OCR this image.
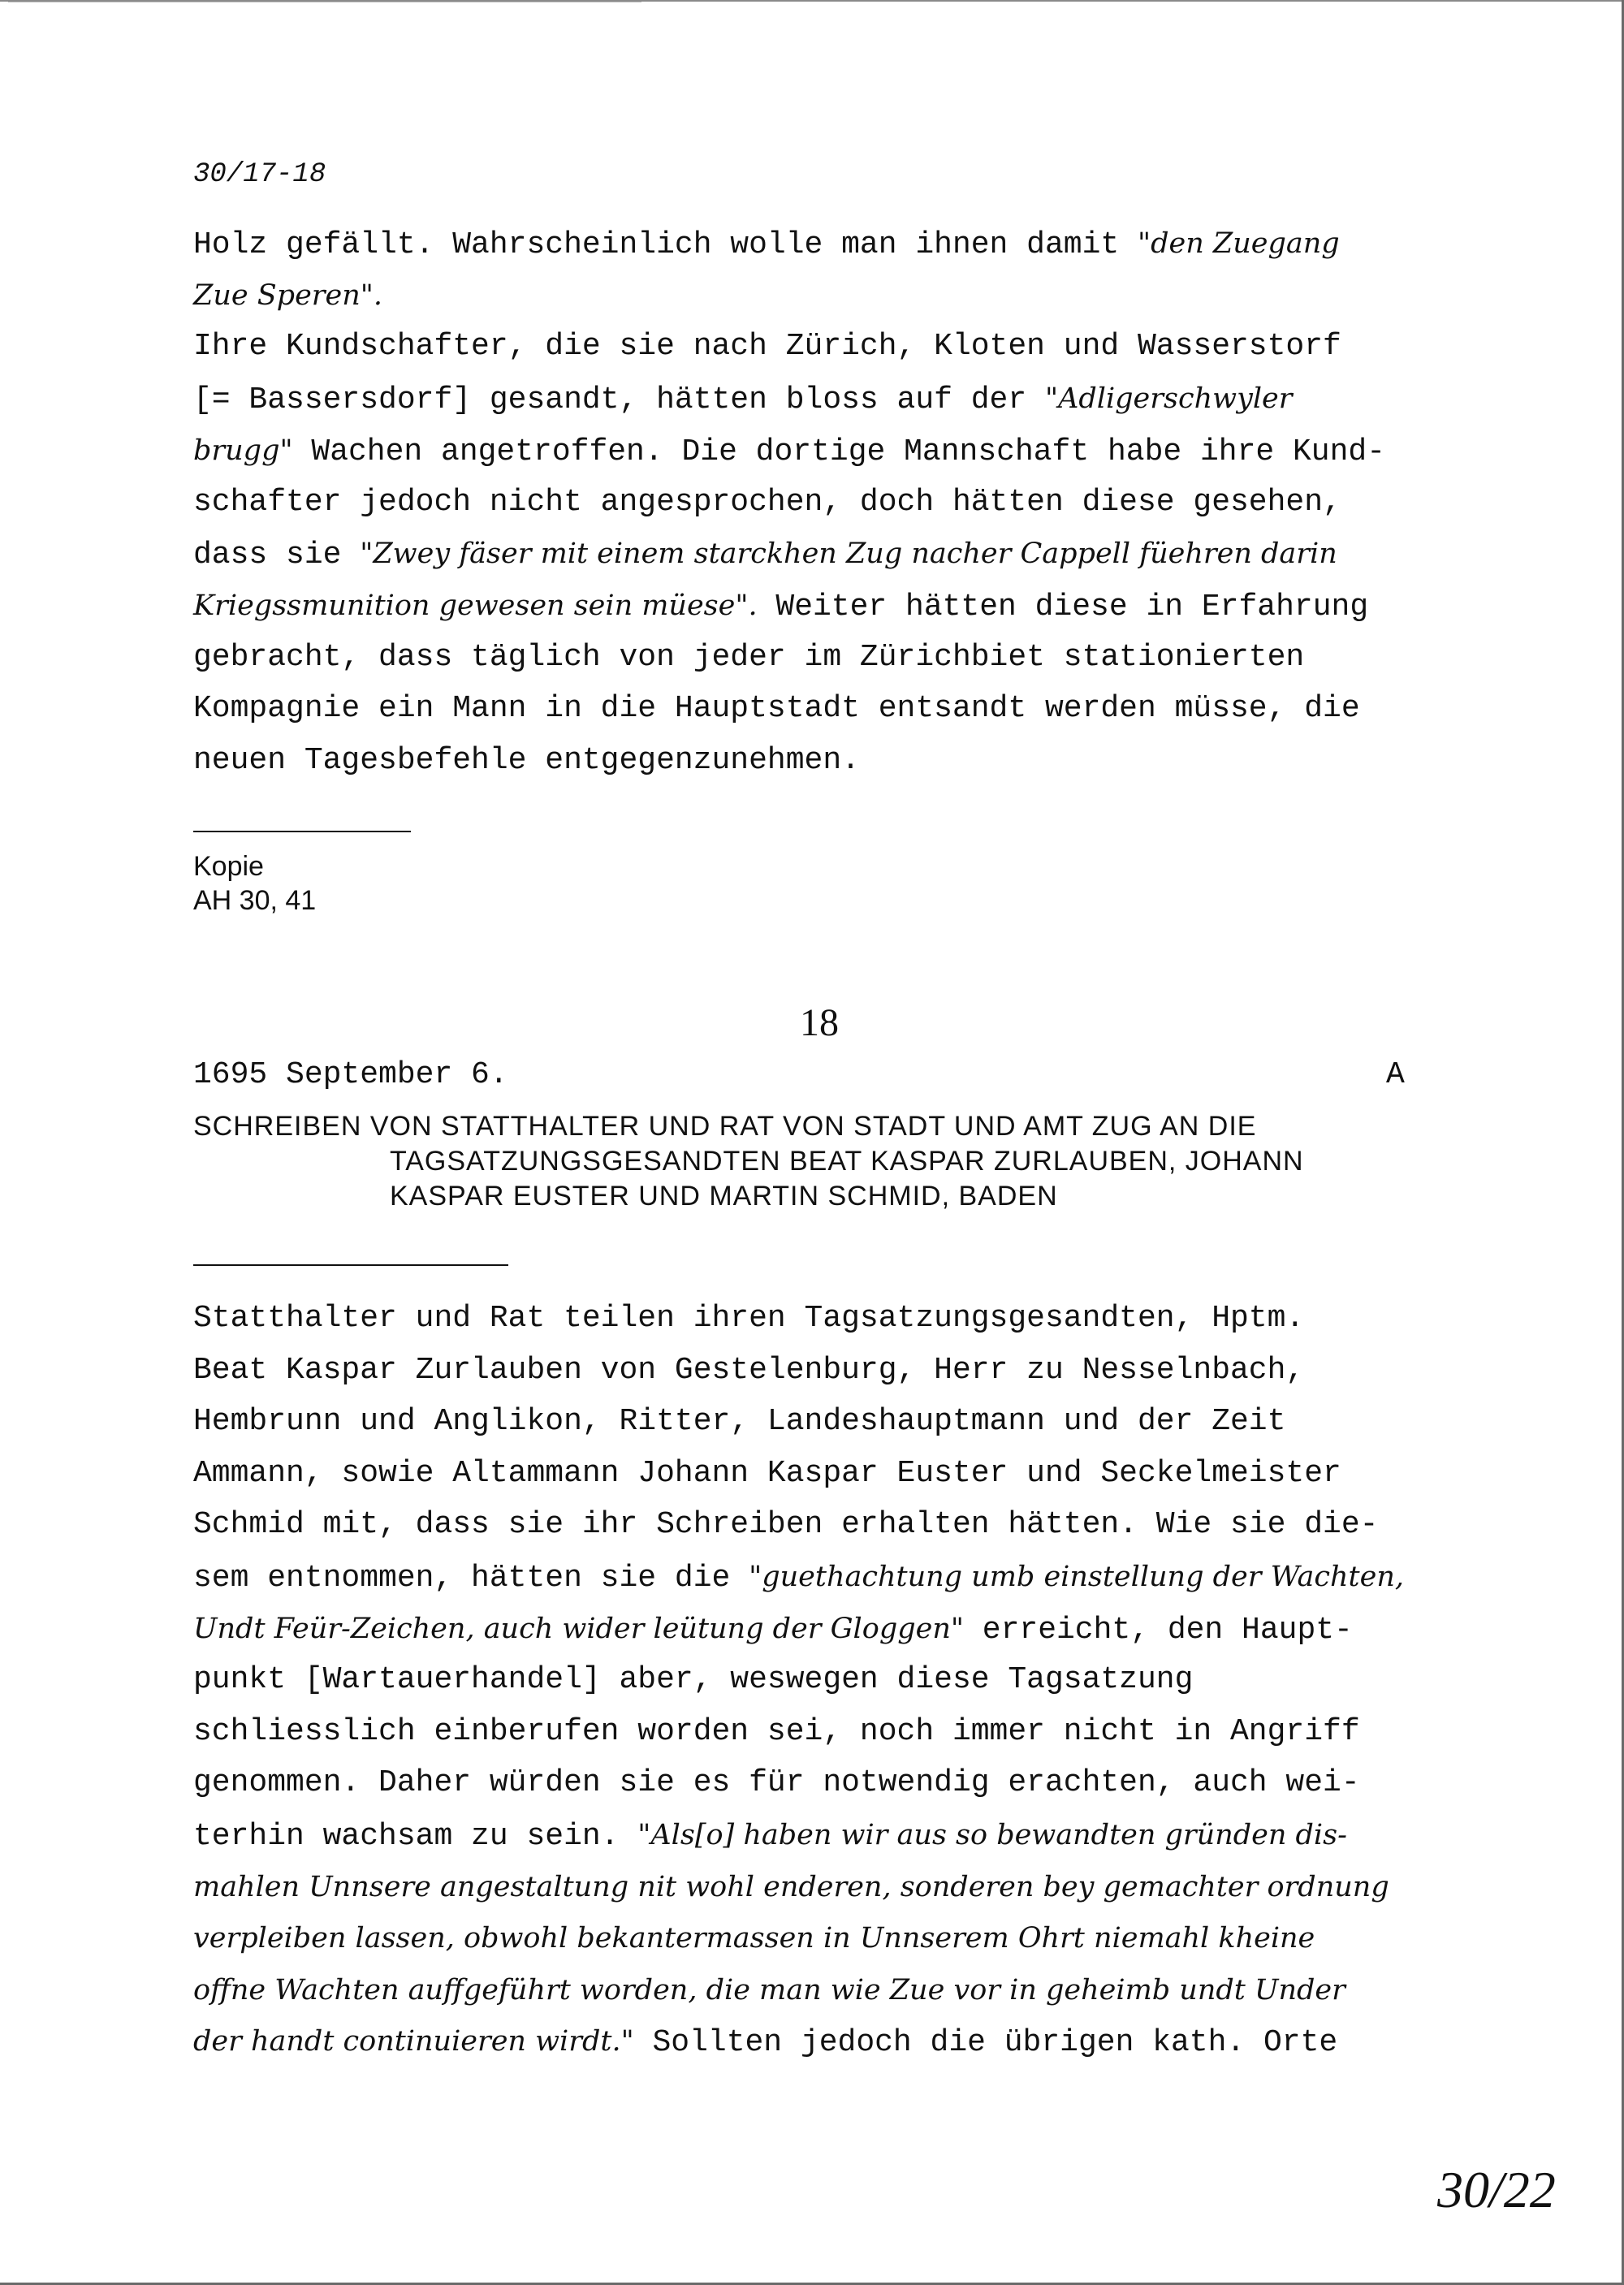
30/17-18
Holz gefällt. Wahrscheinlich wolle man ihnen damit "den Zuegang
Zue Speren".
Ihre Kundschafter, die sie nach Zürich, Kloten und Wasserstorf
[= Bassersdorf] gesandt, hätten bloss auf der "Adligerschwyler
brugg" Wachen angetroffen. Die dortige Mannschaft habe ihre Kund-
schafter jedoch nicht angesprochen, doch hätten diese gesehen,
dass sie "Zwey fäser mit einem starckhen Zug nacher Cappell füehren darin
Kriegssmunition gewesen sein müese". Weiter hätten diese in Erfahrung
gebracht, dass täglich von jeder im Zürichbiet stationierten
Kompagnie ein Mann in die Hauptstadt entsandt werden müsse, die
neuen Tagesbefehle entgegenzunehmen.
Kopie
AH 30, 41
18
1695 September 6.	A
SCHREIBEN VON STATTHALTER UND RAT VON STADT UND AMT ZUG AN DIE
TAGSATZUNGSGESANDTEN BEAT KASPAR ZURLAUBEN, JOHANN
KASPAR EUSTER UND MARTIN SCHMID, BADEN
Statthalter und Rat teilen ihren Tagsatzungsgesandten, Hptm.
Beat Kaspar Zurlauben von Gestelenburg, Herr zu Nesselnbach,
Hembrunn und Anglikon, Ritter, Landeshauptmann und der Zeit
Ammann, sowie Altammann Johann Kaspar Euster und Seckelmeister
Schmid mit, dass sie ihr Schreiben erhalten hätten. Wie sie die-
sem entnommen, hätten sie die "guethachtung umb einstellung der Wachten,
Undt Feür-Zeichen, auch wider leütung der Gloggen" erreicht, den Haupt-
punkt [Wartauerhandel] aber, weswegen diese Tagsatzung
schliesslich einberufen worden sei, noch immer nicht in Angriff
genommen. Daher würden sie es für notwendig erachten, auch wei-
terhin wachsam zu sein. "Als[o] haben wir aus so bewandten gründen dis-
mahlen Unnsere angestaltung nit wohl enderen, sonderen bey gemachter ordnung
verpleiben lassen, obwohl bekantermassen in Unnserem Ohrt niemahl kheine
offne Wachten auffgeführt worden, die man wie Zue vor in geheimb undt Under
der handt continuieren wirdt." Sollten jedoch die übrigen kath. Orte
30/22
